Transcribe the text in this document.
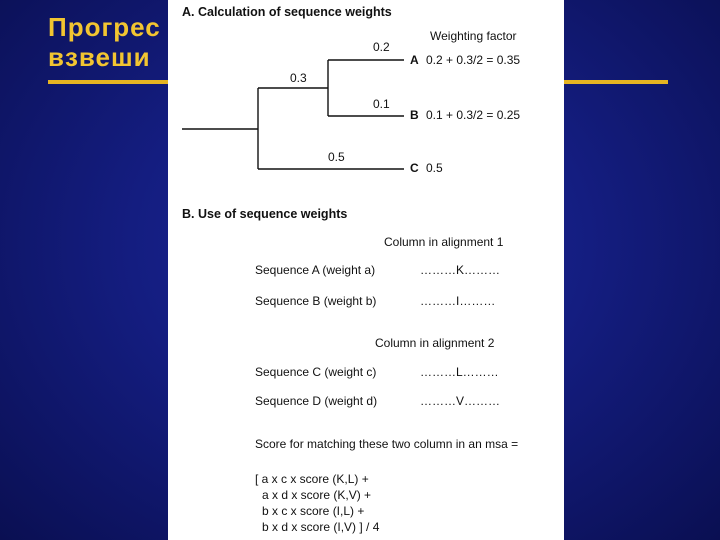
Прогрес
взвеши
A. Calculation of sequence weights
Weighting factor
0.3
0.2
0.1
0.5
A 0.2 + 0.3/2 = 0.35
B 0.1 + 0.3/2 = 0.25
C 0.5
B. Use of sequence weights
Column in alignment 1
Sequence A (weight a)	………K………
Sequence B (weight b)	………I………
Column in alignment 2
Sequence C (weight c)	………L………
Sequence D (weight d)	………V………
Score for matching these two column in an msa =
[ a x c x score (K,L) +
a x d x score (K,V) +
b x c x score (I,L) +
b x d x score (I,V) ] / 4
